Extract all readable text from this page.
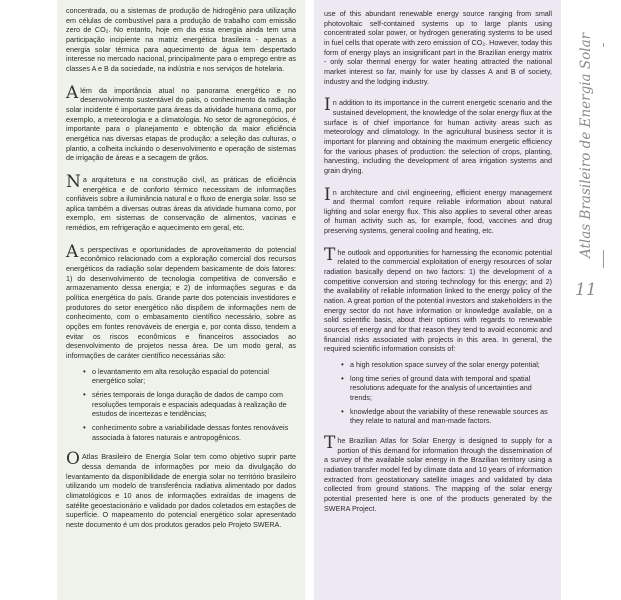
concentrada, ou a sistemas de produção de hidrogênio para utilização em células de combustível para a produção de trabalho com emissão zero de CO₂. No entanto, hoje em dia essa energia ainda tem uma participação incipiente na matriz energética brasileira - apenas a energia solar térmica para aquecimento de água tem despertado interesse no mercado nacional, principalmente para o emprego entre as classes A e B da sociedade, na indústria e nos serviços de hotelaria.

Além da importância atual no panorama energético e no desenvolvimento sustentável do país, o conhecimento da radiação solar incidente é importante para áreas da atividade humana como, por exemplo, a meteorologia e a climatologia. No setor de agronegócios, é importante para o planejamento e obtenção da maior eficiência energética nas diversas etapas de produção: a seleção das culturas, o plantio, a colheita incluindo o desenvolvimento e operação de sistemas de irrigação de áreas e a secagem de grãos.

Na arquitetura e na construção civil, as práticas de eficiência energética e de conforto térmico necessitam de informações confiáveis sobre a iluminância natural e o fluxo de energia solar. Isso se aplica também a diversas outras áreas da atividade humana como, por exemplo, em sistemas de conservação de alimentos, vacinas e remédios, em refrigeração e aquecimento em geral, etc.

As perspectivas e oportunidades de aproveitamento do potencial econômico relacionado com a exploração comercial dos recursos energéticos da radiação solar dependem basicamente de dois fatores: 1) do desenvolvimento de tecnologia competitiva de conversão e armazenamento dessa energia; e 2) de informações seguras e da política energética do país. Grande parte dos potenciais investidores e produtores do setor energético não dispõem de informações nem de conhecimento, com o embasamento científico necessário, sobre as opções em fontes renováveis de energia e, por conta disso, tendem a evitar os riscos econômicos e financeiros associados ao desenvolvimento de projetos nessa área. De um modo geral, as informações de caráter científico necessárias são:

• o levantamento em alta resolução espacial do potencial energético solar;
• séries temporais de longa duração de dados de campo com resoluções temporais e espaciais adequadas à realização de estudos de incertezas e tendências;
• conhecimento sobre a variabilidade dessas fontes renováveis associada à fatores naturais e antropogênicos.

O Atlas Brasileiro de Energia Solar tem como objetivo suprir parte dessa demanda de informações por meio da divulgação do levantamento da disponibilidade de energia solar no território brasileiro utilizando um modelo de transferência radiativa alimentado por dados climatológicos e 10 anos de informações extraídas de imagens de satélite geoestacionário e validado por dados coletados em estações de superfície. O mapeamento do potencial energético solar apresentado neste documento é um dos produtos gerados pelo Projeto SWERA.

use of this abundant renewable energy source ranging from small photovoltaic self-contained systems up to large plants using concentrated solar power, or hydrogen generating systems to be used in fuel cells that operate with zero emission of CO₂. However, today this form of energy plays an insignificant part in the Brazilian energy matrix - only solar thermal energy for water heating attracted the national market interest so far, mainly for use by classes A and B of society, industry and the lodging industry.

In addition to its importance in the current energetic scenario and the sustained development, the knowledge of the solar energy flux at the surface is of chief importance for human activity areas such as meteorology and climatology. In the agricultural business sector it is important for planning and obtaining the maximum energetic efficiency for the various phases of production: the selection of crops, planting, harvesting, including the development of area irrigation systems and grain drying.

In architecture and civil engineering, efficient energy management and thermal comfort require reliable information about natural lighting and solar energy flux. This also applies to several other areas of human activity such as, for example, food, vaccines and drug preserving systems, general cooling and heating, etc.

The outlook and opportunities for harnessing the economic potential related to the commercial exploitation of energy resources of solar radiation basically depend on two factors: 1) the development of a competitive conversion and storing technology for this energy; and 2) the availability of reliable information linked to the energy policy of the nation. A great portion of the potential investors and stakeholders in the energy sector do not have information or knowledge available, on a solid scientific basis, about their options with regards to renewable sources of energy and for that reason they tend to avoid economic and financial risks associated with projects in this area. In general, the required scientific information consists of:

• a high resolution space survey of the solar energy potential;
• long time series of ground data with temporal and spatial resolutions adequate for the analysis of uncertainties and trends;
• knowledge about the variability of these renewable sources as they relate to natural and man-made factors.

The Brazilian Atlas for Solar Energy is designed to supply for a portion of this demand for information through the dissemination of a survey of the available solar energy in the Brazilian territory using a radiation transfer model fed by climate data and 10 years of information extracted from geostationary satellite images and validated by data collected from ground stations. The mapping of the solar energy potential presented here is one of the products generated by the SWERA Project.

Atlas Brasileiro de Energia Solar
11
